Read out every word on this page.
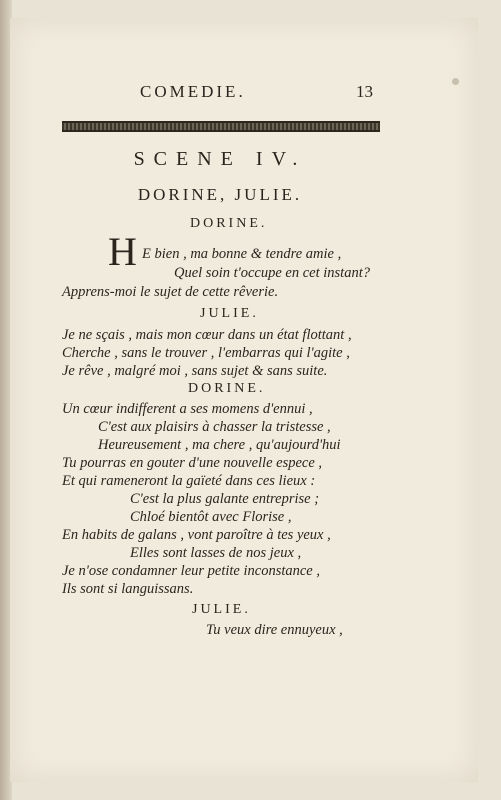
COMEDIE.	13
SCENE IV.
DORINE, JULIE.
DORINE.
H E bien , ma bonne & tendre amie ,
Quel soin t'occupe en cet instant?
Apprens-moi le sujet de cette rêverie.
JULIE.
Je ne sçais , mais mon cœur dans un état flottant ,
Cherche , sans le trouver , l'embarras qui l'agite ,
Je rêve , malgré moi , sans sujet & sans suite.
DORINE.
Un cœur indifferent a ses momens d'ennui ,
C'est aux plaisirs à chasser la tristesse ,
Heureusement , ma chere , qu'aujourd'hui
Tu pourras en gouter d'une nouvelle espece ,
Et qui rameneront la gaïeté dans ces lieux :
C'est la plus galante entreprise ;
Chloé bientôt avec Florise ,
En habits de galans , vont paroître à tes yeux ,
Elles sont lasses de nos jeux ,
Je n'ose condamner leur petite inconstance ,
Ils sont si languissans.
JULIE.
Tu veux dire ennuyeux ,
